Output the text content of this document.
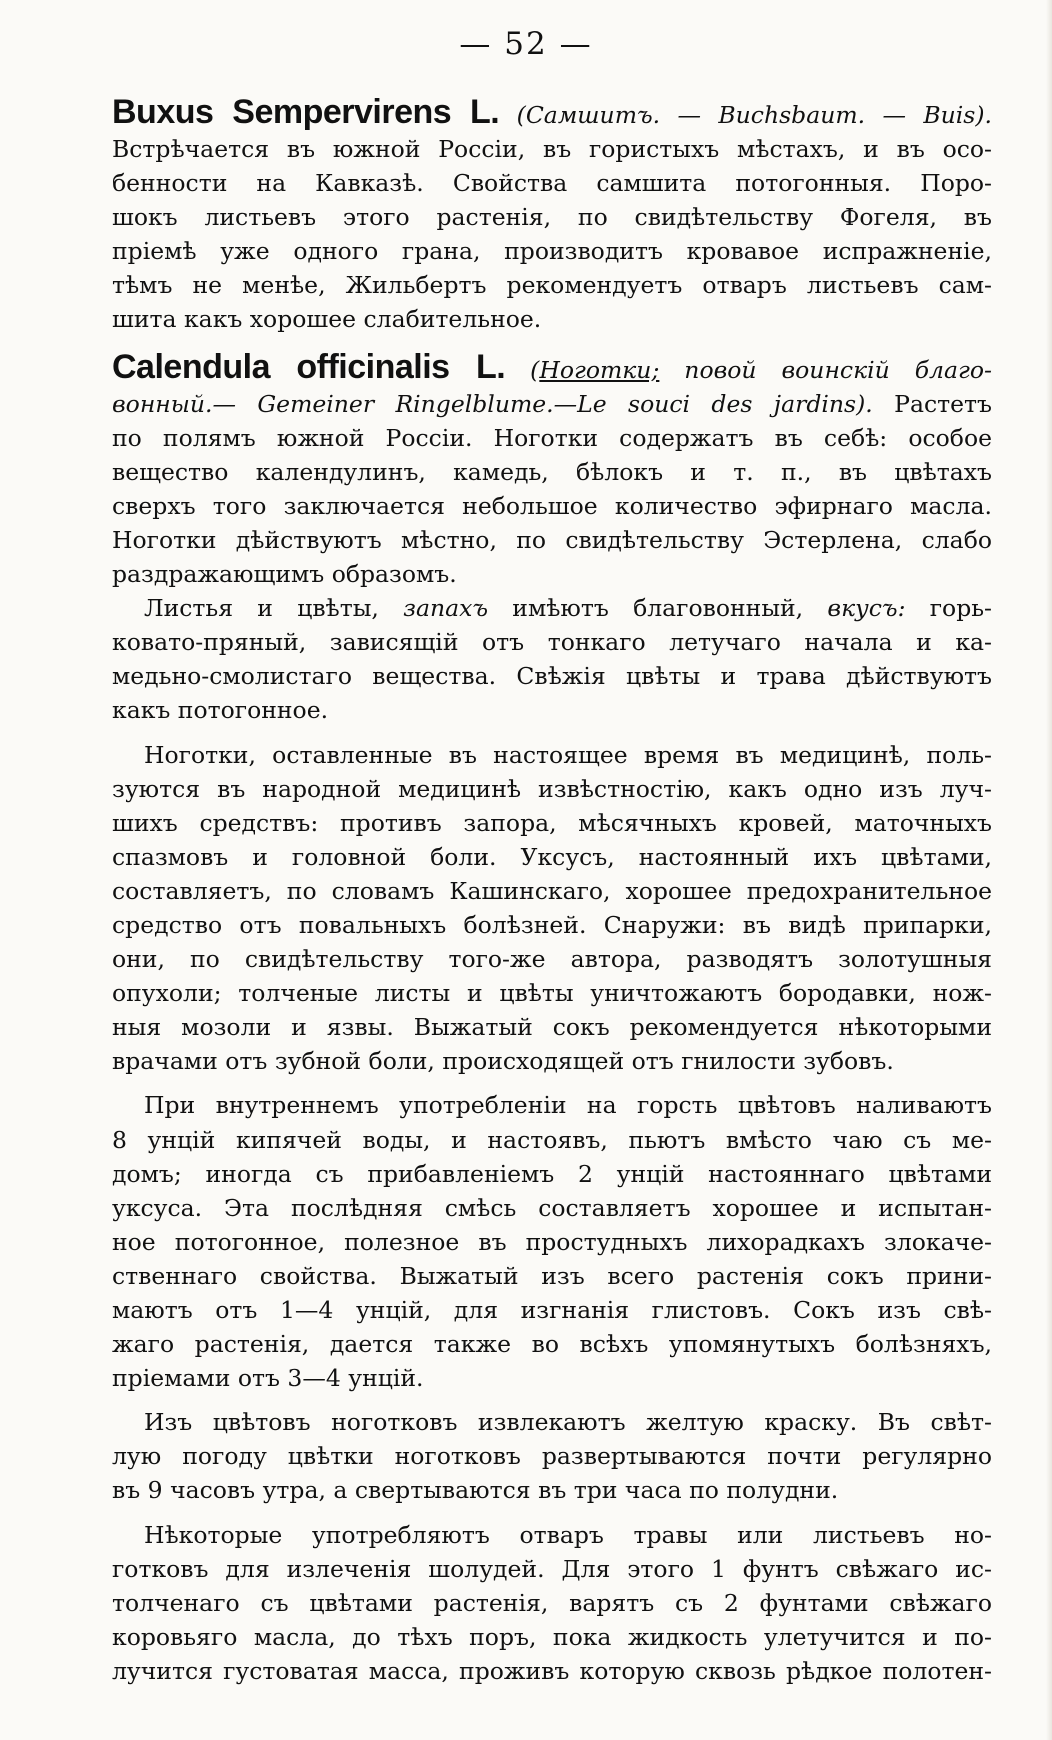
— 52 —
Buxus Sempervirens L. (Самшитъ. — Buchsbaum. — Buis).
Встрѣчается въ южной Россіи, въ гористыхъ мѣстахъ, и въ осо-
бенности на Кавказѣ. Свойства самшита потогонныя. Поро-
шокъ листьевъ этого растенія, по свидѣтельству Фогеля, въ
пріемѣ уже одного грана, производитъ кровавое испражненіе,
тѣмъ не менѣе, Жильбертъ рекомендуетъ отваръ листьевъ сам-
шита какъ хорошее слабительное.
Calendula officinalis L. (Ноготки; повой воинскій благо-
вонный.— Gemeiner Ringelblume.—Le souci des jardins). Растетъ
по полямъ южной Россіи. Ноготки содержатъ въ себѣ: особое
вещество календулинъ, камедь, бѣлокъ и т. п., въ цвѣтахъ
сверхъ того заключается небольшое количество эфирнаго масла.
Ноготки дѣйствуютъ мѣстно, по свидѣтельству Эстерлена, слабо
раздражающимъ образомъ.
Листья и цвѣты, запахъ имѣютъ благовонный, вкусъ: горь-
ковато-пряный, зависящій отъ тонкаго летучаго начала и ка-
медьно-смолистаго вещества. Свѣжія цвѣты и трава дѣйствуютъ
какъ потогонное.
Ноготки, оставленные въ настоящее время въ медицинѣ, поль-
зуются въ народной медицинѣ извѣстностію, какъ одно изъ луч-
шихъ средствъ: противъ запора, мѣсячныхъ кровей, маточныхъ
спазмовъ и головной боли. Уксусъ, настоянный ихъ цвѣтами,
составляетъ, по словамъ Кашинскаго, хорошее предохранительное
средство отъ повальныхъ болѣзней. Снаружи: въ видѣ припарки,
они, по свидѣтельству того-же автора, разводятъ золотушныя
опухоли; толченые листы и цвѣты уничтожаютъ бородавки, нож-
ныя мозоли и язвы. Выжатый сокъ рекомендуется нѣкоторыми
врачами отъ зубной боли, происходящей отъ гнилости зубовъ.
При внутреннемъ употребленіи на горсть цвѣтовъ наливаютъ
8 унцій кипячей воды, и настоявъ, пьютъ вмѣсто чаю съ ме-
домъ; иногда съ прибавленіемъ 2 унцій настояннаго цвѣтами
уксуса. Эта послѣдняя смѣсь составляетъ хорошее и испытан-
ное потогонное, полезное въ простудныхъ лихорадкахъ злокаче-
ственнаго свойства. Выжатый изъ всего растенія сокъ прини-
маютъ отъ 1—4 унцій, для изгнанія глистовъ. Сокъ изъ свѣ-
жаго растенія, дается также во всѣхъ упомянутыхъ болѣзняхъ,
пріемами отъ 3—4 унцій.
Изъ цвѣтовъ ноготковъ извлекаютъ желтую краску. Въ свѣт-
лую погоду цвѣтки ноготковъ развертываются почти регулярно
въ 9 часовъ утра, а свертываются въ три часа по полудни.
Нѣкоторые употребляютъ отваръ травы или листьевъ но-
готковъ для излеченія шолудей. Для этого 1 фунтъ свѣжаго ис-
толченаго съ цвѣтами растенія, варятъ съ 2 фунтами свѣжаго
коровьяго масла, до тѣхъ поръ, пока жидкость улетучится и по-
лучится густоватая масса, проживъ которую сквозь рѣдкое полотен-
